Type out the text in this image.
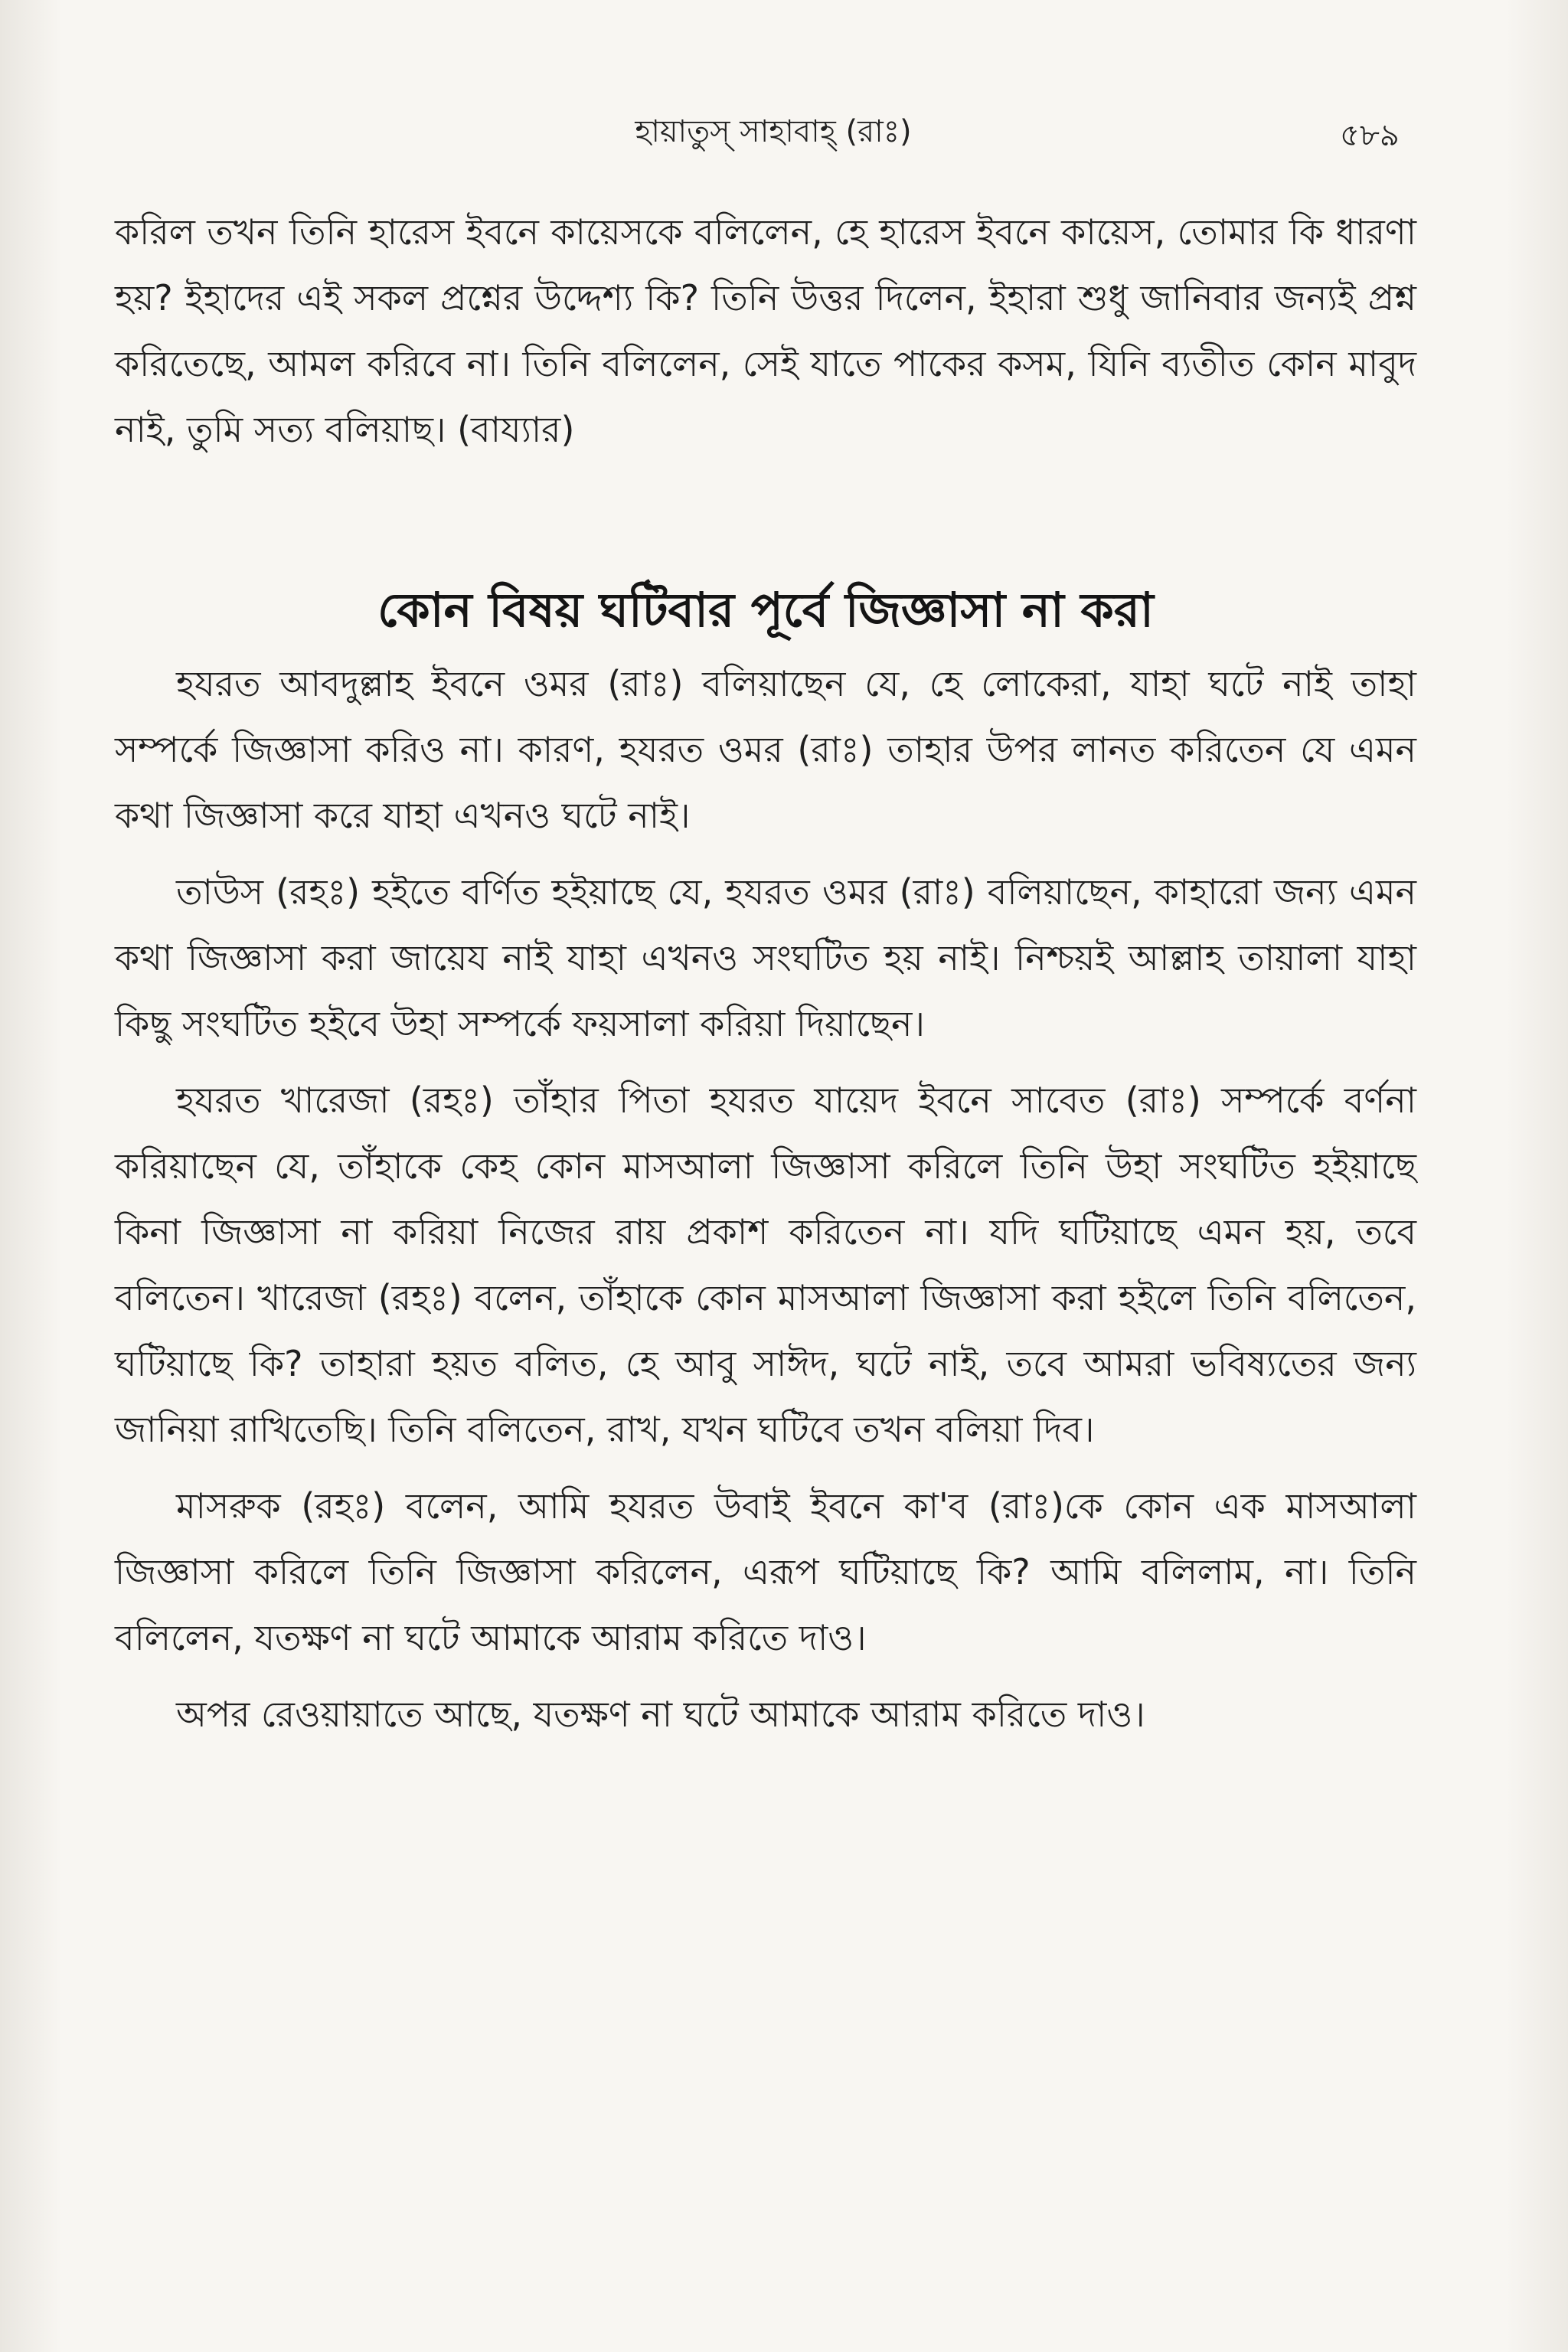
হায়াতুস্ সাহাবাহ্ (রাঃ)	৫৮৯

করিল তখন তিনি হারেস ইবনে কায়েসকে বলিলেন, হে হারেস ইবনে কায়েস, তোমার কি ধারণা হয়? ইহাদের এই সকল প্রশ্নের উদ্দেশ্য কি? তিনি উত্তর দিলেন, ইহারা শুধু জানিবার জন্যই প্রশ্ন করিতেছে, আমল করিবে না। তিনি বলিলেন, সেই যাতে পাকের কসম, যিনি ব্যতীত কোন মাবুদ নাই, তুমি সত্য বলিয়াছ। (বায্যার)

কোন বিষয় ঘটিবার পূর্বে জিজ্ঞাসা না করা

হযরত আবদুল্লাহ ইবনে ওমর (রাঃ) বলিয়াছেন যে, হে লোকেরা, যাহা ঘটে নাই তাহা সম্পর্কে জিজ্ঞাসা করিও না। কারণ, হযরত ওমর (রাঃ) তাহার উপর লানত করিতেন যে এমন কথা জিজ্ঞাসা করে যাহা এখনও ঘটে নাই।

তাউস (রহঃ) হইতে বর্ণিত হইয়াছে যে, হযরত ওমর (রাঃ) বলিয়াছেন, কাহারো জন্য এমন কথা জিজ্ঞাসা করা জায়েয নাই যাহা এখনও সংঘটিত হয় নাই। নিশ্চয়ই আল্লাহ তায়ালা যাহা কিছু সংঘটিত হইবে উহা সম্পর্কে ফয়সালা করিয়া দিয়াছেন।

হযরত খারেজা (রহঃ) তাঁহার পিতা হযরত যায়েদ ইবনে সাবেত (রাঃ) সম্পর্কে বর্ণনা করিয়াছেন যে, তাঁহাকে কেহ কোন মাসআলা জিজ্ঞাসা করিলে তিনি উহা সংঘটিত হইয়াছে কিনা জিজ্ঞাসা না করিয়া নিজের রায় প্রকাশ করিতেন না। যদি ঘটিয়াছে এমন হয়, তবে বলিতেন। খারেজা (রহঃ) বলেন, তাঁহাকে কোন মাসআলা জিজ্ঞাসা করা হইলে তিনি বলিতেন, ঘটিয়াছে কি? তাহারা হয়ত বলিত, হে আবু সাঈদ, ঘটে নাই, তবে আমরা ভবিষ্যতের জন্য জানিয়া রাখিতেছি। তিনি বলিতেন, রাখ, যখন ঘটিবে তখন বলিয়া দিব।

মাসরুক (রহঃ) বলেন, আমি হযরত উবাই ইবনে কা'ব (রাঃ)কে কোন এক মাসআলা জিজ্ঞাসা করিলে তিনি জিজ্ঞাসা করিলেন, এরূপ ঘটিয়াছে কি? আমি বলিলাম, না। তিনি বলিলেন, যতক্ষণ না ঘটে আমাকে আরাম করিতে দাও।

অপর রেওয়ায়াতে আছে, যতক্ষণ না ঘটে আমাকে আরাম করিতে দাও।
